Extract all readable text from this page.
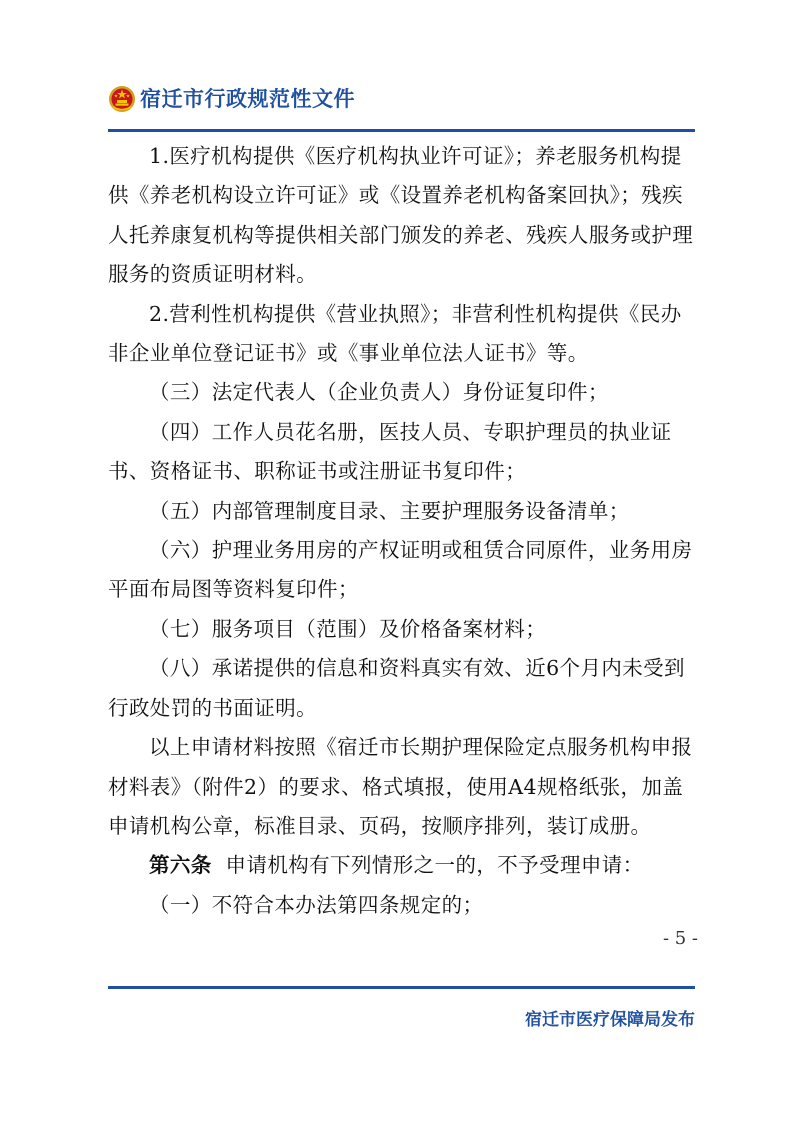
宿迁市行政规范性文件

1.医疗机构提供《医疗机构执业许可证》；养老服务机构提供《养老机构设立许可证》或《设置养老机构备案回执》；残疾人托养康复机构等提供相关部门颁发的养老、残疾人服务或护理服务的资质证明材料。

2.营利性机构提供《营业执照》；非营利性机构提供《民办非企业单位登记证书》或《事业单位法人证书》等。

（三）法定代表人（企业负责人）身份证复印件；

（四）工作人员花名册，医技人员、专职护理员的执业证书、资格证书、职称证书或注册证书复印件；

（五）内部管理制度目录、主要护理服务设备清单；

（六）护理业务用房的产权证明或租赁合同原件，业务用房平面布局图等资料复印件；

（七）服务项目（范围）及价格备案材料；

（八）承诺提供的信息和资料真实有效、近6个月内未受到行政处罚的书面证明。

以上申请材料按照《宿迁市长期护理保险定点服务机构申报材料表》（附件2）的要求、格式填报，使用A4规格纸张，加盖申请机构公章，标准目录、页码，按顺序排列，装订成册。

第六条 申请机构有下列情形之一的，不予受理申请：

（一）不符合本办法第四条规定的；

- 5 -
宿迁市医疗保障局发布
